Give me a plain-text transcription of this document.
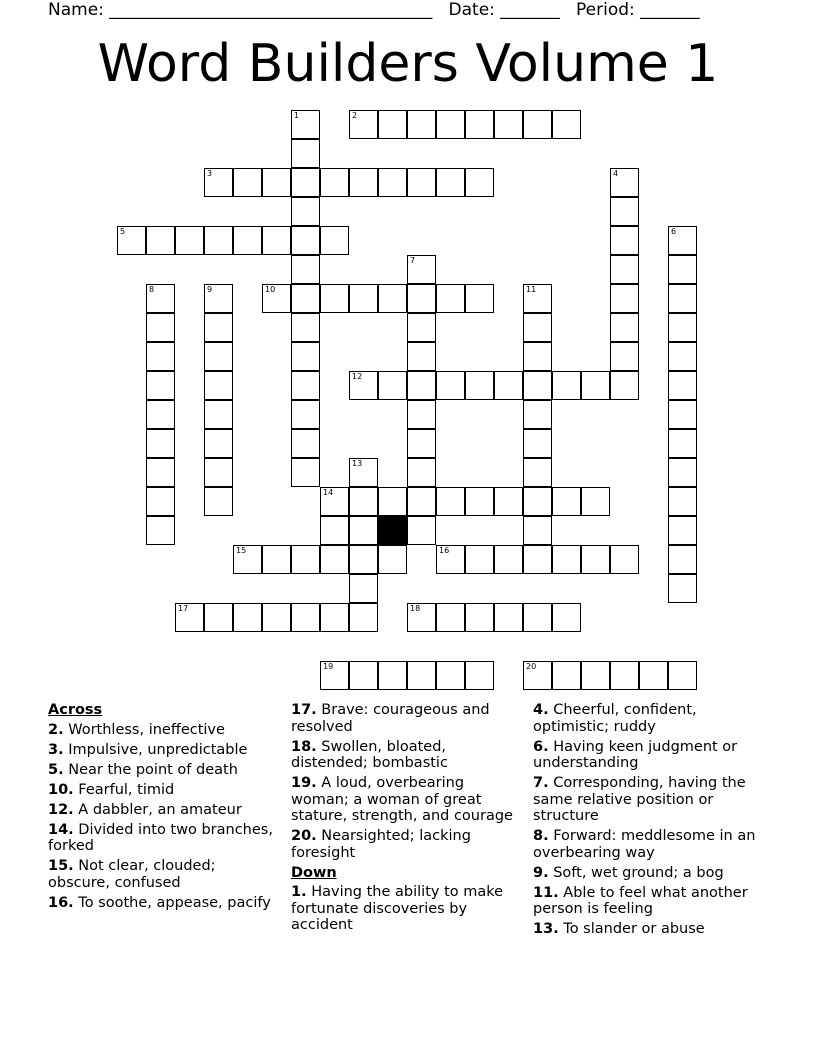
Name: ______________________________________ Date: _______ Period: _______
Word Builders Volume 1
2
1
3	4
5	6
7
8	9	10	11
12
13
14
15	16
17	18
19	20
Across
2. Worthless, ineffective
3. Impulsive, unpredictable
5. Near the point of death
10. Fearful, timid
12. A dabbler, an amateur
14. Divided into two branches, forked
15. Not clear, clouded; obscure, confused
16. To soothe, appease, pacify
17. Brave: courageous and resolved
18. Swollen, bloated, distended; bombastic
19. A loud, overbearing woman; a woman of great stature, strength, and courage
20. Nearsighted; lacking foresight
Down
1. Having the ability to make fortunate discoveries by accident
4. Cheerful, confident, optimistic; ruddy
6. Having keen judgment or understanding
7. Corresponding, having the same relative position or structure
8. Forward: meddlesome in an overbearing way
9. Soft, wet ground; a bog
11. Able to feel what another person is feeling
13. To slander or abuse
